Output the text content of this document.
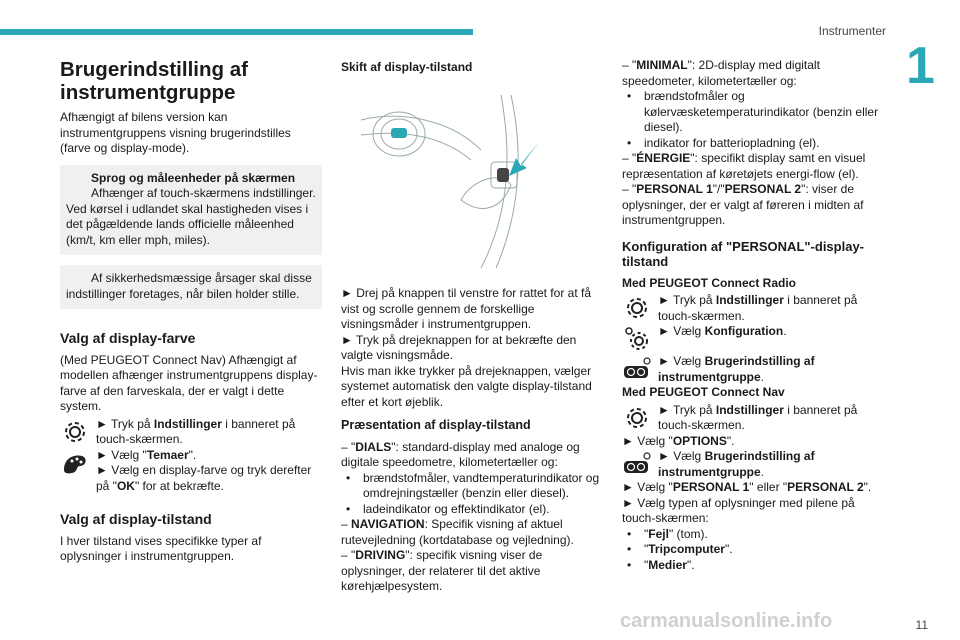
Instrumenter
1
Brugerindstilling af instrumentgruppe

Afhængigt af bilens version kan instrumentgruppens visning brugerindstilles (farve og display-mode).

Sprog og måleenheder på skærmen
Afhænger af touch-skærmens indstillinger.
Ved kørsel i udlandet skal hastigheden vises i det pågældende lands officielle måleenhed (km/t, km eller mph, miles).
Af sikkerhedsmæssige årsager skal disse indstillinger foretages, når bilen holder stille.
Valg af display-farve

(Med PEUGEOT Connect Nav) Afhængigt af modellen afhænger instrumentgruppens display-farve af den farveskala, der er valgt i dette system.

► Tryk på Indstillinger i banneret på touch-skærmen.
► Vælg "Temaer".
► Vælg en display-farve og tryk derefter på "OK" for at bekræfte.
Valg af display-tilstand

I hver tilstand vises specifikke typer af oplysninger i instrumentgruppen.

Skift af display-tilstand

► Drej på knappen til venstre for rattet for at få vist og scrolle gennem de forskellige visningsmåder i instrumentgruppen.

► Tryk på drejeknappen for at bekræfte den valgte visningsmåde.

Hvis man ikke trykker på drejeknappen, vælger systemet automatisk den valgte display-tilstand efter et kort øjeblik.

Præsentation af display-tilstand

– "DIALS": standard-display med analoge og digitale speedometre, kilometertæller og:

• brændstofmåler, vandtemperaturindikator og omdrejningstæller (benzin eller diesel).
• ladeindikator og effektindikator (el).

– NAVIGATION: Specifik visning af aktuel rutevejledning (kortdatabase og vejledning).

– "DRIVING": specifik visning viser de oplysninger, der relaterer til det aktive kørehjælpesystem.

– "MINIMAL": 2D-display med digitalt speedometer, kilometertæller og:

• brændstofmåler og kølervæsketemperaturindikator (benzin eller diesel).
• indikator for batteriopladning (el).

– "ÉNERGIE": specifikt display samt en visuel repræsentation af køretøjets energi-flow (el).

– "PERSONAL 1"/"PERSONAL 2": viser de oplysninger, der er valgt af føreren i midten af instrumentgruppen.

Konfiguration af "PERSONAL"-display-tilstand
Med PEUGEOT Connect Radio
► Tryk på Indstillinger i banneret på touch-skærmen.
► Vælg Konfiguration.
► Vælg Brugerindstilling af instrumentgruppe.
Med PEUGEOT Connect Nav
► Tryk på Indstillinger i banneret på touch-skærmen.

► Vælg "OPTIONS".

► Vælg Brugerindstilling af instrumentgruppe.

► Vælg "PERSONAL 1" eller "PERSONAL 2".

► Vælg typen af oplysninger med pilene på touch-skærmen:

• "Fejl" (tom).
• "Tripcomputer".
• "Medier".
carmanualsonline.info	11
